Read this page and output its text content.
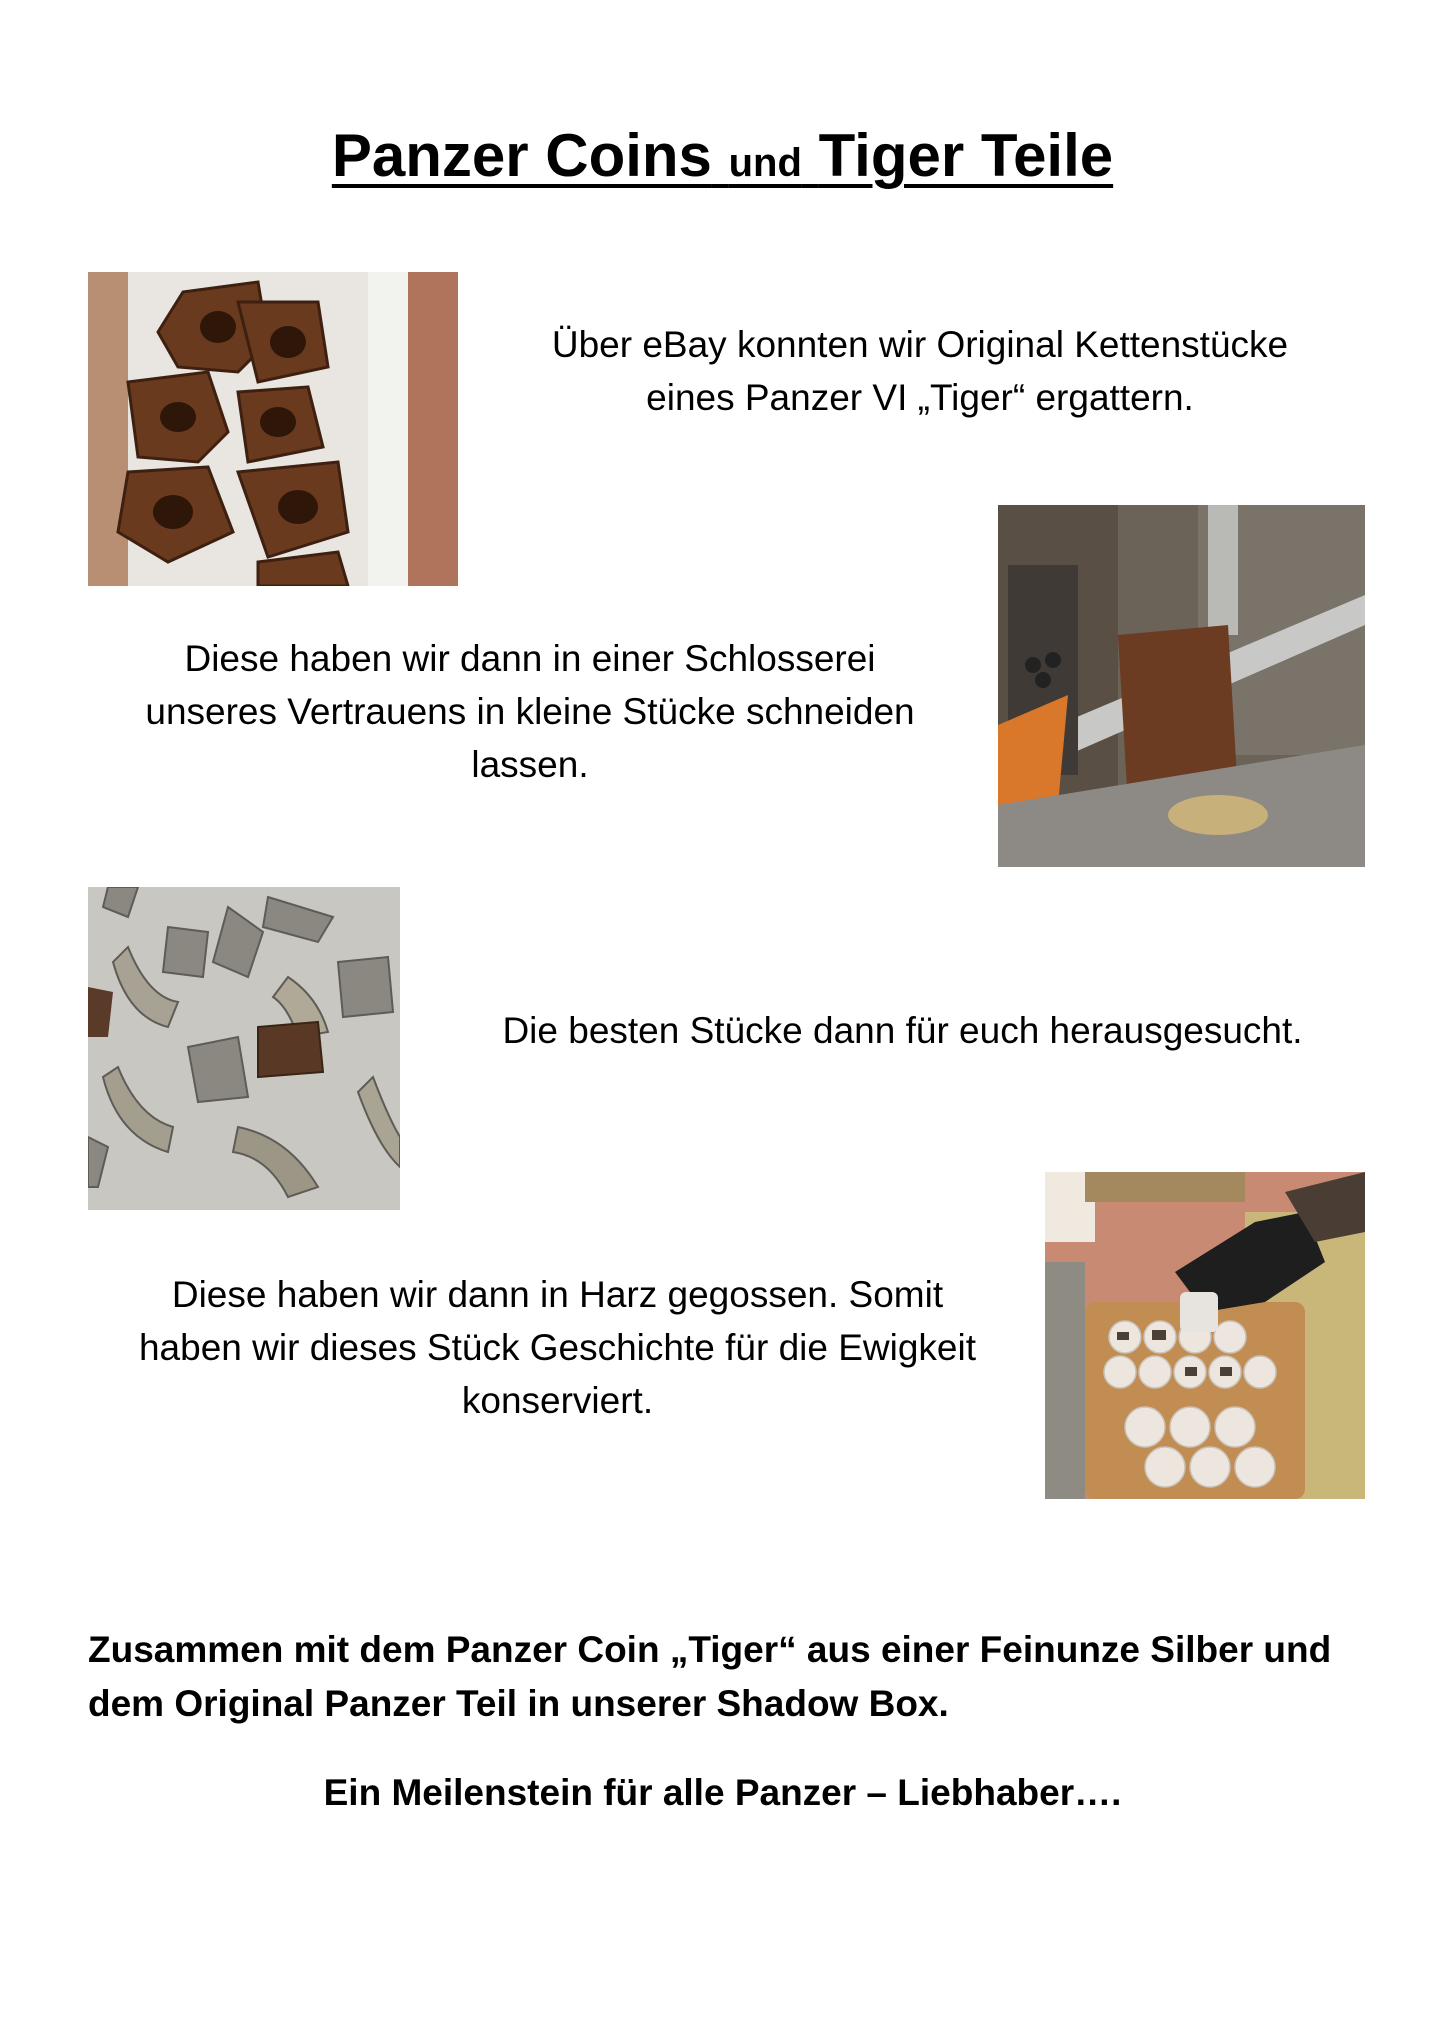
Panzer Coins und Tiger Teile
Über eBay konnten wir Original Kettenstücke
eines Panzer VI „Tiger“ ergattern.
Diese haben wir dann in einer Schlosserei
unseres Vertrauens in kleine Stücke schneiden
lassen.
Die besten Stücke dann für euch herausgesucht.
Diese haben wir dann in Harz gegossen. Somit
haben wir dieses Stück Geschichte für die Ewigkeit
konserviert.
Zusammen mit dem Panzer Coin „Tiger“ aus einer Feinunze Silber und
dem Original Panzer Teil in unserer Shadow Box.
Ein Meilenstein für alle Panzer – Liebhaber….
